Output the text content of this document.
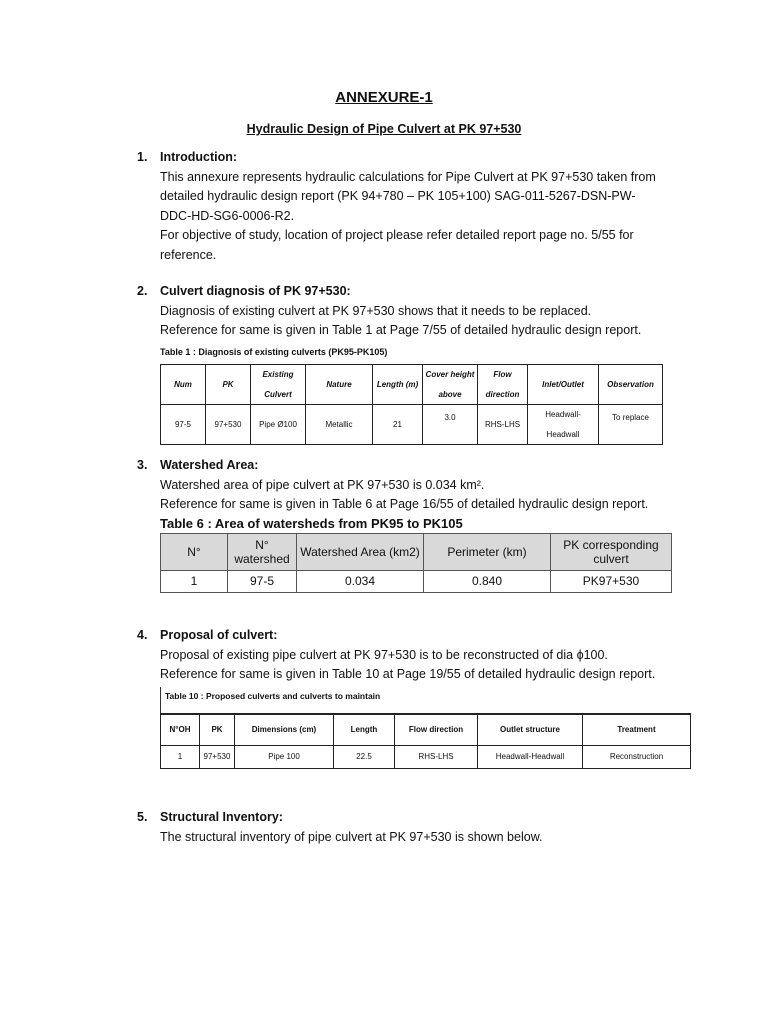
ANNEXURE-1
Hydraulic Design of Pipe Culvert at PK 97+530
1.	Introduction:

This annexure represents hydraulic calculations for Pipe Culvert at PK 97+530 taken from detailed hydraulic design report (PK 94+780 – PK 105+100) SAG-011-5267-DSN-PW-DDC-HD-SG6-0006-R2.

For objective of study, location of project please refer detailed report page no. 5/55 for reference.

2.	Culvert diagnosis of PK 97+530:

Diagnosis of existing culvert at PK 97+530 shows that it needs to be replaced.

Reference for same is given in Table 1 at Page 7/55 of detailed hydraulic design report.

Table 1 : Diagnosis of existing culverts (PK95-PK105)
Num	PK	Existing Culvert	Nature	Length (m)	Cover height above	Flow direction	Inlet/Outlet	Observation
97-5	97+530	Pipe Ø100	Metallic	21	3.0	RHS-LHS	Headwall-Headwall	To replace
3.	Watershed Area:

Watershed area of pipe culvert at PK 97+530 is 0.034 km².

Reference for same is given in Table 6 at Page 16/55 of detailed hydraulic design report.

Table 6 : Area of watersheds from PK95 to PK105
N°	N° watershed	Watershed Area (km2)	Perimeter (km)	PK corresponding culvert
1	97-5	0.034	0.840	PK97+530
4.	Proposal of culvert:

Proposal of existing pipe culvert at PK 97+530 is to be reconstructed of dia ϕ100.

Reference for same is given in Table 10 at Page 19/55 of detailed hydraulic design report.

Table 10 : Proposed culverts and culverts to maintain
N°OH	PK	Dimensions (cm)	Length	Flow direction	Outlet structure	Treatment
1	97+530	Pipe 100	22.5	RHS-LHS	Headwall-Headwall	Reconstruction
5.	Structural Inventory:

The structural inventory of pipe culvert at PK 97+530 is shown below.
